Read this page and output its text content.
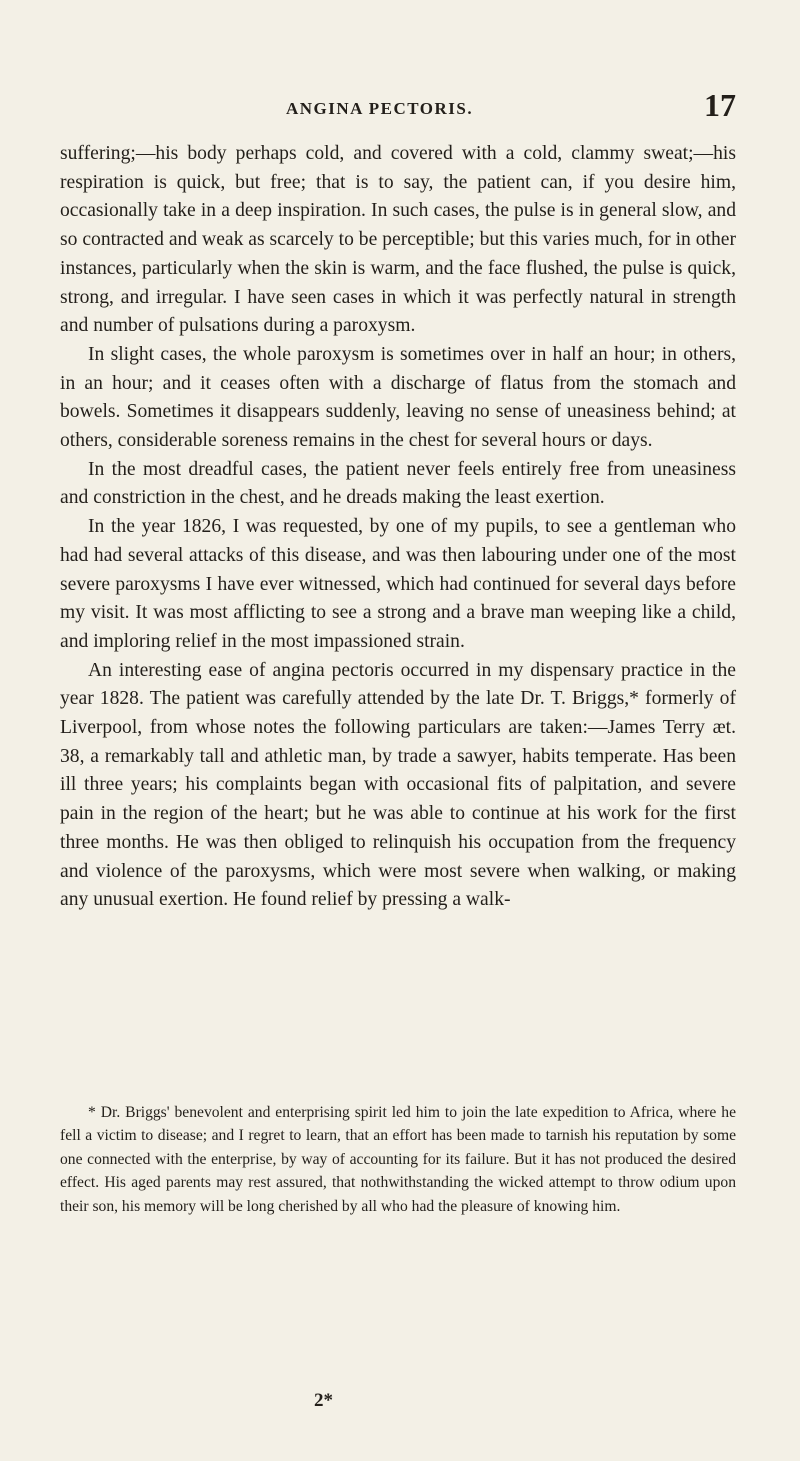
ANGINA PECTORIS.	17

suffering;—his body perhaps cold, and covered with a cold, clammy sweat;—his respiration is quick, but free; that is to say, the patient can, if you desire him, occasionally take in a deep inspiration. In such cases, the pulse is in general slow, and so contracted and weak as scarcely to be perceptible; but this varies much, for in other instances, particularly when the skin is warm, and the face flushed, the pulse is quick, strong, and irregular. I have seen cases in which it was perfectly natural in strength and number of pulsations during a paroxysm.

In slight cases, the whole paroxysm is sometimes over in half an hour; in others, in an hour; and it ceases often with a discharge of flatus from the stomach and bowels. Sometimes it disappears suddenly, leaving no sense of uneasiness behind; at others, considerable soreness remains in the chest for several hours or days.

In the most dreadful cases, the patient never feels entirely free from uneasiness and constriction in the chest, and he dreads making the least exertion.

In the year 1826, I was requested, by one of my pupils, to see a gentleman who had had several attacks of this disease, and was then labouring under one of the most severe paroxysms I have ever witnessed, which had continued for several days before my visit. It was most afflicting to see a strong and a brave man weeping like a child, and imploring relief in the most impassioned strain.

An interesting ease of angina pectoris occurred in my dispensary practice in the year 1828. The patient was carefully attended by the late Dr. T. Briggs,* formerly of Liverpool, from whose notes the following particulars are taken:—James Terry æt. 38, a remarkably tall and athletic man, by trade a sawyer, habits temperate. Has been ill three years; his complaints began with occasional fits of palpitation, and severe pain in the region of the heart; but he was able to continue at his work for the first three months. He was then obliged to relinquish his occupation from the frequency and violence of the paroxysms, which were most severe when walking, or making any unusual exertion. He found relief by pressing a walk-

* Dr. Briggs' benevolent and enterprising spirit led him to join the late expedition to Africa, where he fell a victim to disease; and I regret to learn, that an effort has been made to tarnish his reputation by some one connected with the enterprise, by way of accounting for its failure. But it has not produced the desired effect. His aged parents may rest assured, that nothwithstanding the wicked attempt to throw odium upon their son, his memory will be long cherished by all who had the pleasure of knowing him.

2*
